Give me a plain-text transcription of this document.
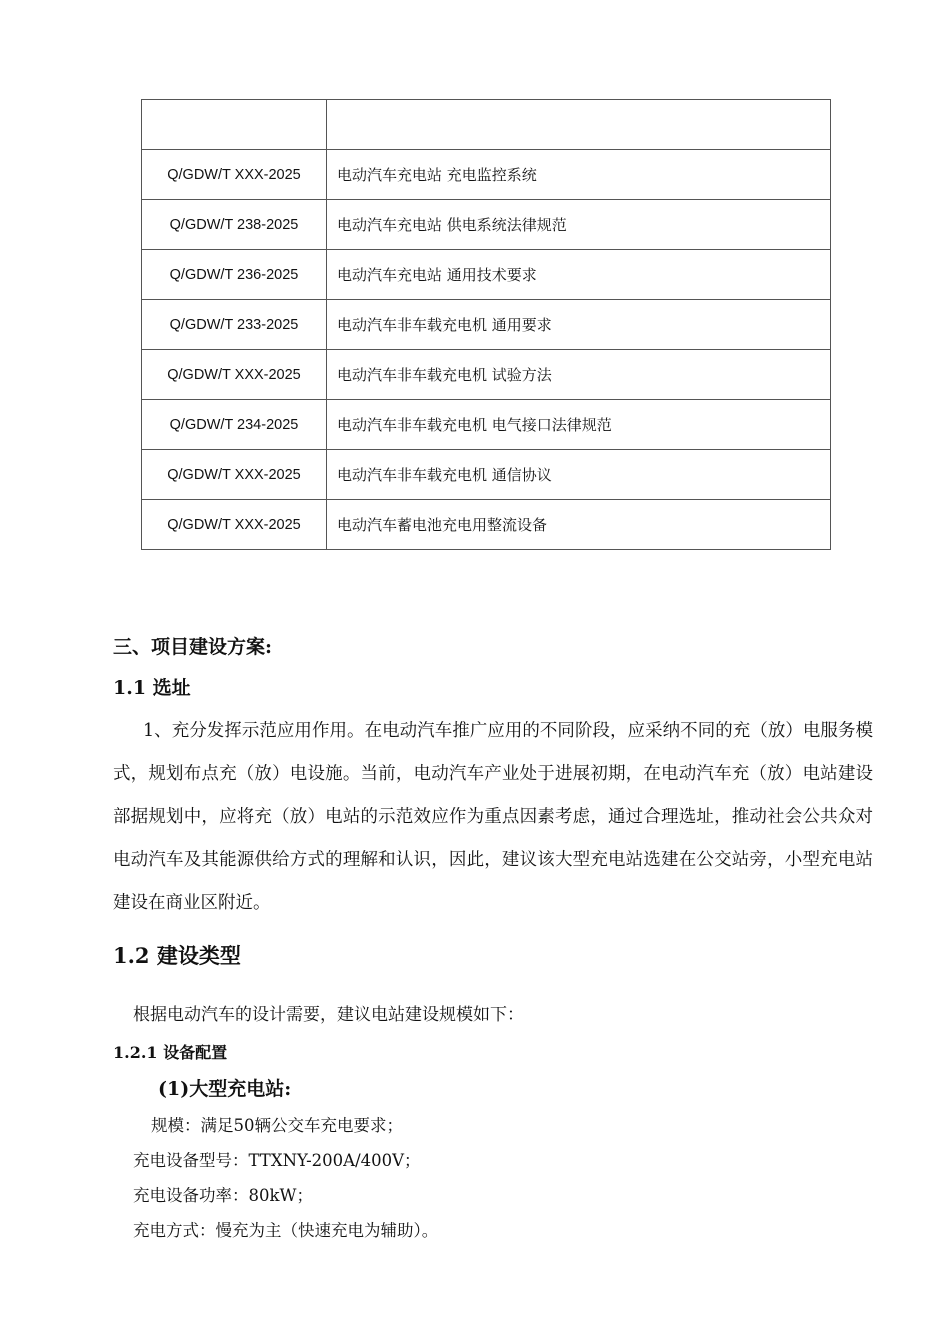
Q/GDW/T XXX-2025	电动汽车充电站 充电监控系统
Q/GDW/T 238-2025	电动汽车充电站 供电系统法律规范
Q/GDW/T 236-2025	电动汽车充电站 通用技术要求
Q/GDW/T 233-2025	电动汽车非车载充电机 通用要求
Q/GDW/T XXX-2025	电动汽车非车载充电机 试验方法
Q/GDW/T 234-2025	电动汽车非车载充电机 电气接口法律规范
Q/GDW/T XXX-2025	电动汽车非车载充电机 通信协议
Q/GDW/T XXX-2025	电动汽车蓄电池充电用整流设备
三、项目建设方案:
1.1 选址
1、充分发挥示范应用作用。在电动汽车推广应用的不同阶段，应采纳不同的充（放）电服务模式，规划布点充（放）电设施。当前，电动汽车产业处于进展初期，在电动汽车充（放）电站建设部据规划中，应将充（放）电站的示范效应作为重点因素考虑，通过合理选址，推动社会公共众对电动汽车及其能源供给方式的理解和认识，因此，建议该大型充电站选建在公交站旁，小型充电站建设在商业区附近。
1.2 建设类型
根据电动汽车的设计需要，建议电站建设规模如下：
1.2.1 设备配置
(1)大型充电站:
规模：满足50辆公交车充电要求；
充电设备型号：TTXNY-200A/400V；
充电设备功率：80kW；
充电方式：慢充为主（快速充电为辅助）。
